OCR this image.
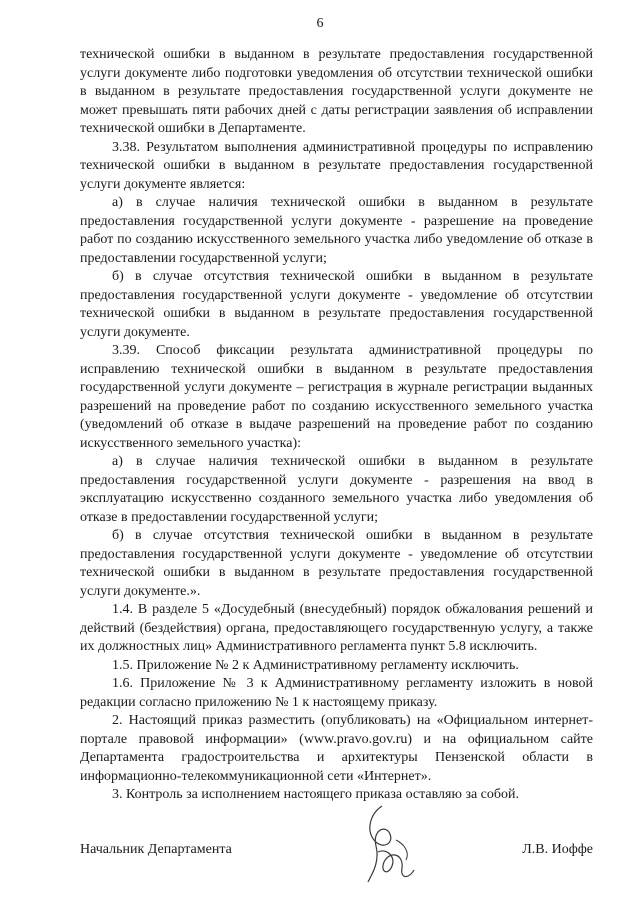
6

технической ошибки в выданном в результате предоставления государственной услуги документе либо подготовки уведомления об отсутствии технической ошибки в выданном в результате предоставления государственной услуги документе не может превышать пяти рабочих дней с даты регистрации заявления об исправлении технической ошибки в Департаменте.

3.38. Результатом выполнения административной процедуры по исправлению технической ошибки в выданном в результате предоставления государственной услуги документе является:

а) в случае наличия технической ошибки в выданном в результате предоставления государственной услуги документе - разрешение на проведение работ по созданию искусственного земельного участка либо уведомление об отказе в предоставлении государственной услуги;

б) в случае отсутствия технической ошибки в выданном в результате предоставления государственной услуги документе - уведомление об отсутствии технической ошибки в выданном в результате предоставления государственной услуги документе.

3.39. Способ фиксации результата административной процедуры по исправлению технической ошибки в выданном в результате предоставления государственной услуги документе – регистрация в журнале регистрации выданных разрешений на проведение работ по созданию искусственного земельного участка (уведомлений об отказе в выдаче разрешений на проведение работ по созданию искусственного земельного участка):

а) в случае наличия технической ошибки в выданном в результате предоставления государственной услуги документе - разрешения на ввод в эксплуатацию искусственно созданного земельного участка либо уведомления об отказе в предоставлении государственной услуги;

б) в случае отсутствия технической ошибки в выданном в результате предоставления государственной услуги документе - уведомление об отсутствии технической ошибки в выданном в результате предоставления государственной услуги документе.».

1.4. В разделе 5 «Досудебный (внесудебный) порядок обжалования решений и действий (бездействия) органа, предоставляющего государственную услугу, а также их должностных лиц» Административного регламента пункт 5.8 исключить.

1.5. Приложение № 2 к Административному регламенту исключить.

1.6. Приложение № 3 к Административному регламенту изложить в новой редакции согласно приложению № 1 к настоящему приказу.

2. Настоящий приказ разместить (опубликовать) на «Официальном интернет-портале правовой информации» (www.pravo.gov.ru) и на официальном сайте Департамента градостроительства и архитектуры Пензенской области в информационно-телекоммуникационной сети «Интернет».

3. Контроль за исполнением настоящего приказа оставляю за собой.

Начальник Департамента	Л.В. Иоффе
